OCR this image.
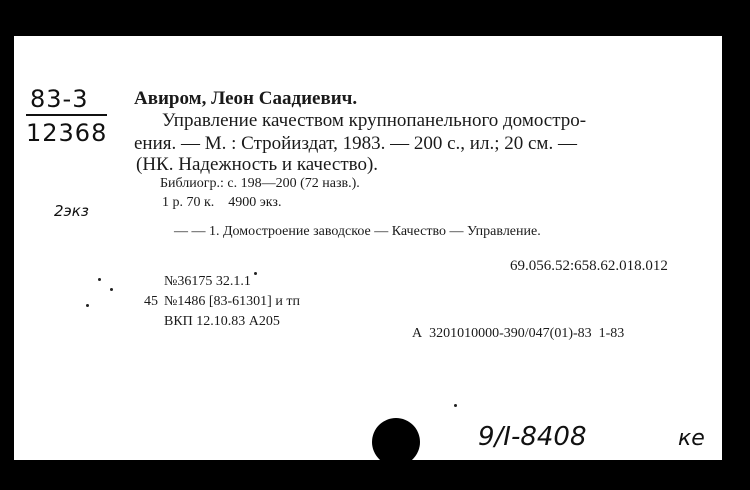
83-3
12368
2экз
Авиром, Леон Саадиевич.
Управление качеством крупнопанельного домостро-
ения. — М. : Стройиздат, 1983. — 200 с., ил.; 20 см. —
(НК. Надежность и качество).
Библиогр.: с. 198—200 (72 назв.).
1 р. 70 к.    4900 экз.
— — 1. Домостроение заводское — Качество — Управление.
69.056.52:658.62.018.012
№36175 32.1.1
45 №1486 [83-61301] и тп
ВКП 12.10.83 А205
А  3201010000-390/047(01)-83  1-83
9/I-8408	ке
